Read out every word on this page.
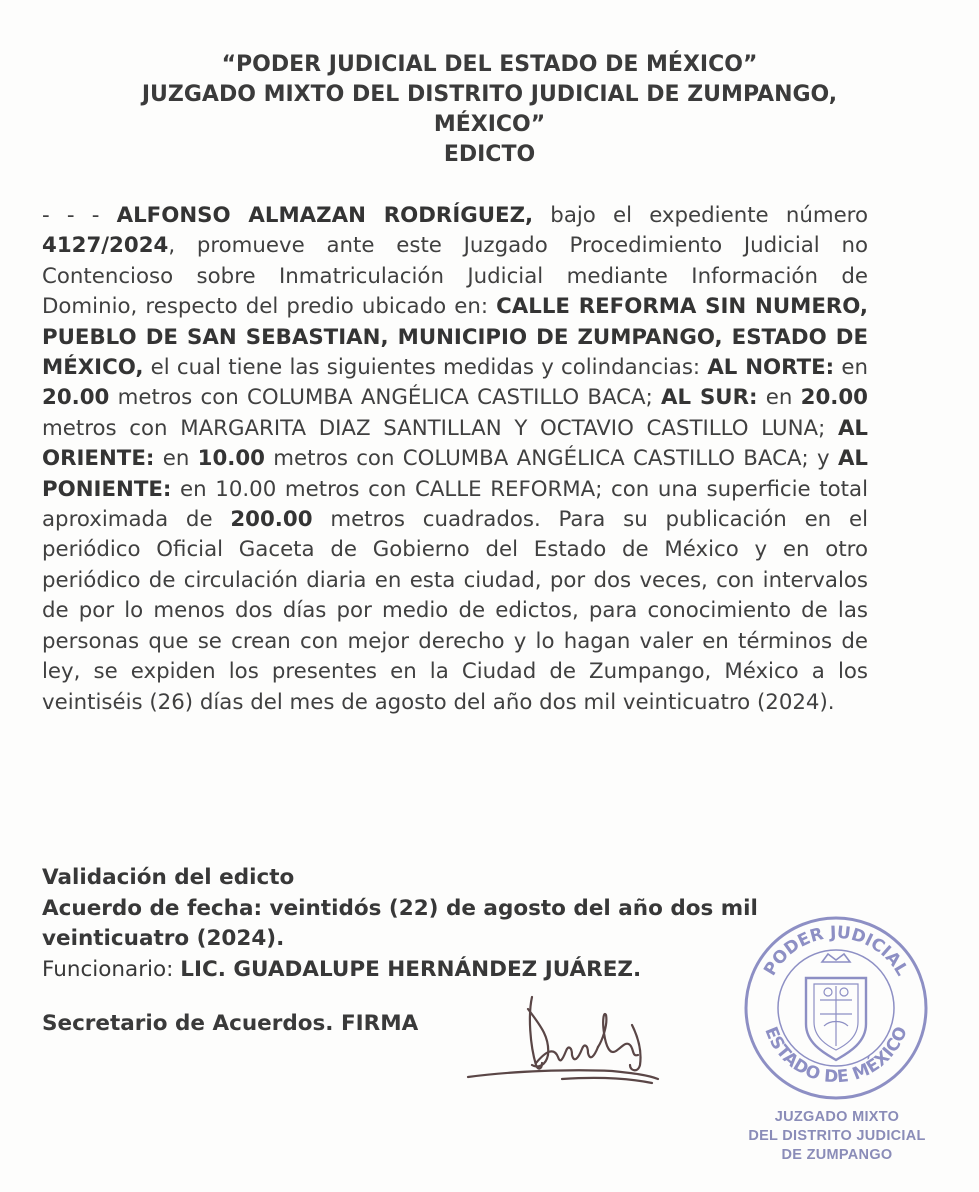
“PODER JUDICIAL DEL ESTADO DE MÉXICO”
JUZGADO MIXTO DEL DISTRITO JUDICIAL DE ZUMPANGO,
MÉXICO”
EDICTO
- - - ALFONSO ALMAZAN RODRÍGUEZ, bajo el expediente número 4127/2024, promueve ante este Juzgado Procedimiento Judicial no Contencioso sobre Inmatriculación Judicial mediante Información de Dominio, respecto del predio ubicado en: CALLE REFORMA SIN NUMERO, PUEBLO DE SAN SEBASTIAN, MUNICIPIO DE ZUMPANGO, ESTADO DE MÉXICO, el cual tiene las siguientes medidas y colindancias: AL NORTE: en 20.00 metros con COLUMBA ANGÉLICA CASTILLO BACA; AL SUR: en 20.00 metros con MARGARITA DIAZ SANTILLAN Y OCTAVIO CASTILLO LUNA; AL ORIENTE: en 10.00 metros con COLUMBA ANGÉLICA CASTILLO BACA; y AL PONIENTE: en 10.00 metros con CALLE REFORMA; con una superficie total aproximada de 200.00 metros cuadrados. Para su publicación en el periódico Oficial Gaceta de Gobierno del Estado de México y en otro periódico de circulación diaria en esta ciudad, por dos veces, con intervalos de por lo menos dos días por medio de edictos, para conocimiento de las personas que se crean con mejor derecho y lo hagan valer en términos de ley, se expiden los presentes en la Ciudad de Zumpango, México a los veintiséis (26) días del mes de agosto del año dos mil veinticuatro (2024).
Validación del edicto
Acuerdo de fecha: veintidós (22) de agosto del año dos mil
veinticuatro (2024).
Funcionario: LIC. GUADALUPE HERNÁNDEZ JUÁREZ.
Secretario de Acuerdos. FIRMA
PODER JUDICIAL
ESTADO DE MÉXICO
JUZGADO MIXTO
DEL DISTRITO JUDICIAL
DE ZUMPANGO
